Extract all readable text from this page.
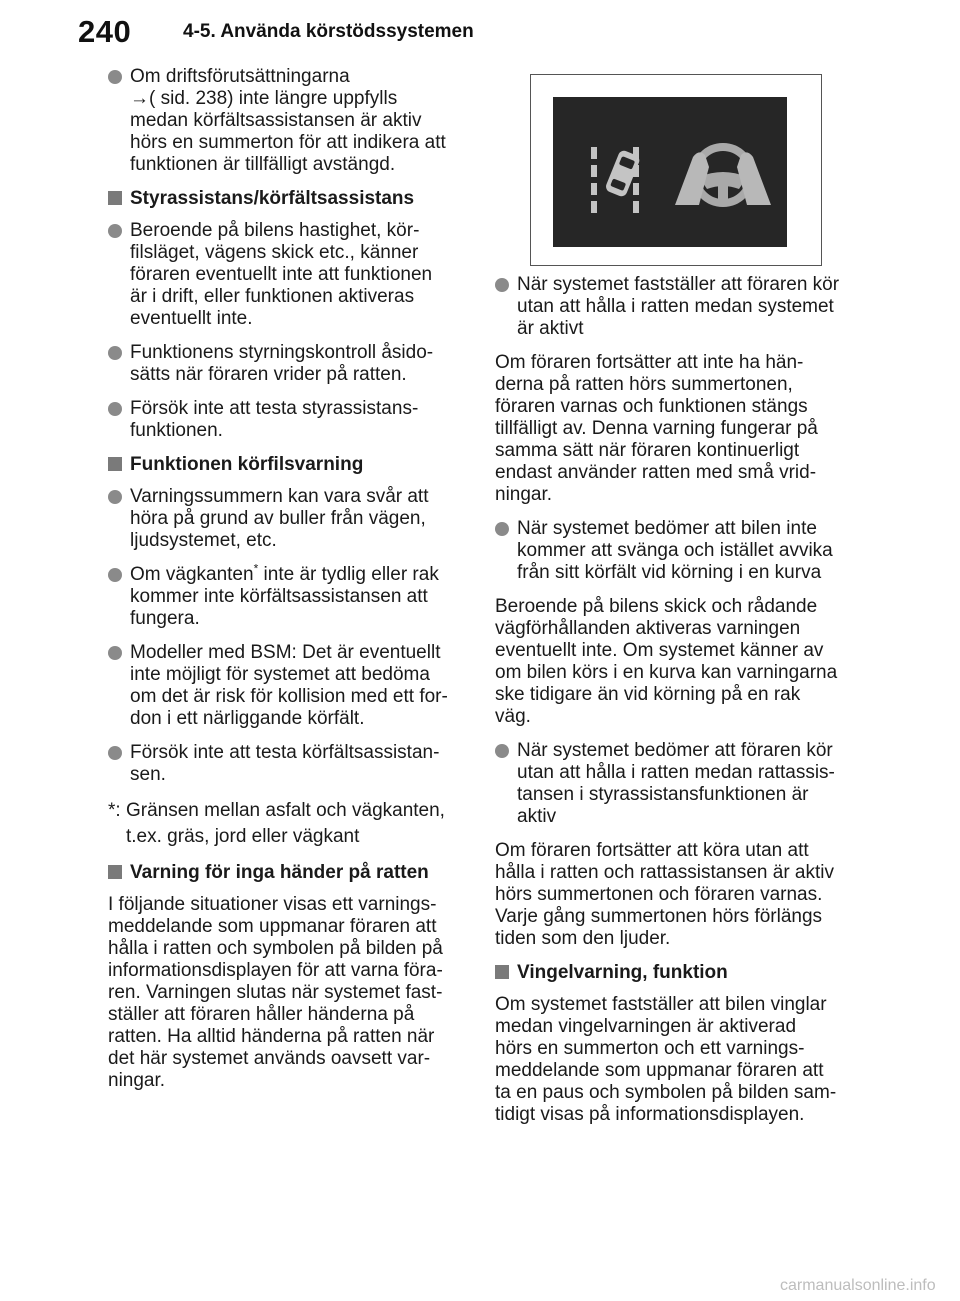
240	4-5. Använda körstödssystemen
Om driftsförutsättningarna
→( sid. 238) inte längre uppfylls
medan körfältsassistansen är aktiv
hörs en summerton för att indikera att
funktionen är tillfälligt avstängd.
Styrassistans/körfältsassistans
Beroende på bilens hastighet, kör-
filsläget, vägens skick etc., känner
föraren eventuellt inte att funktionen
är i drift, eller funktionen aktiveras
eventuellt inte.
Funktionens styrningskontroll åsido-
sätts när föraren vrider på ratten.
Försök inte att testa styrassistans-
funktionen.
Funktionen körfilsvarning
Varningssummern kan vara svår att
höra på grund av buller från vägen,
ljudsystemet, etc.
Om vägkanten* inte är tydlig eller rak
kommer inte körfältsassistansen att
fungera.
Modeller med BSM: Det är eventuellt
inte möjligt för systemet att bedöma
om det är risk för kollision med ett for-
don i ett närliggande körfält.
Försök inte att testa körfältsassistan-
sen.
*: Gränsen mellan asfalt och vägkanten,
t.ex. gräs, jord eller vägkant
Varning för inga händer på ratten
I följande situationer visas ett varnings-
meddelande som uppmanar föraren att
hålla i ratten och symbolen på bilden på
informationsdisplayen för att varna föra-
ren. Varningen slutas när systemet fast-
ställer att föraren håller händerna på
ratten. Ha alltid händerna på ratten när
det här systemet används oavsett var-
ningar.
När systemet fastställer att föraren kör
utan att hålla i ratten medan systemet
är aktivt
Om föraren fortsätter att inte ha hän-
derna på ratten hörs summertonen,
föraren varnas och funktionen stängs
tillfälligt av. Denna varning fungerar på
samma sätt när föraren kontinuerligt
endast använder ratten med små vrid-
ningar.
När systemet bedömer att bilen inte
kommer att svänga och istället avvika
från sitt körfält vid körning i en kurva
Beroende på bilens skick och rådande
vägförhållanden aktiveras varningen
eventuellt inte. Om systemet känner av
om bilen körs i en kurva kan varningarna
ske tidigare än vid körning på en rak
väg.
När systemet bedömer att föraren kör
utan att hålla i ratten medan rattassis-
tansen i styrassistansfunktionen är
aktiv
Om föraren fortsätter att köra utan att
hålla i ratten och rattassistansen är aktiv
hörs summertonen och föraren varnas.
Varje gång summertonen hörs förlängs
tiden som den ljuder.
Vingelvarning, funktion
Om systemet fastställer att bilen vinglar
medan vingelvarningen är aktiverad
hörs en summerton och ett varnings-
meddelande som uppmanar föraren att
ta en paus och symbolen på bilden sam-
tidigt visas på informationsdisplayen.
carmanualsonline.info
